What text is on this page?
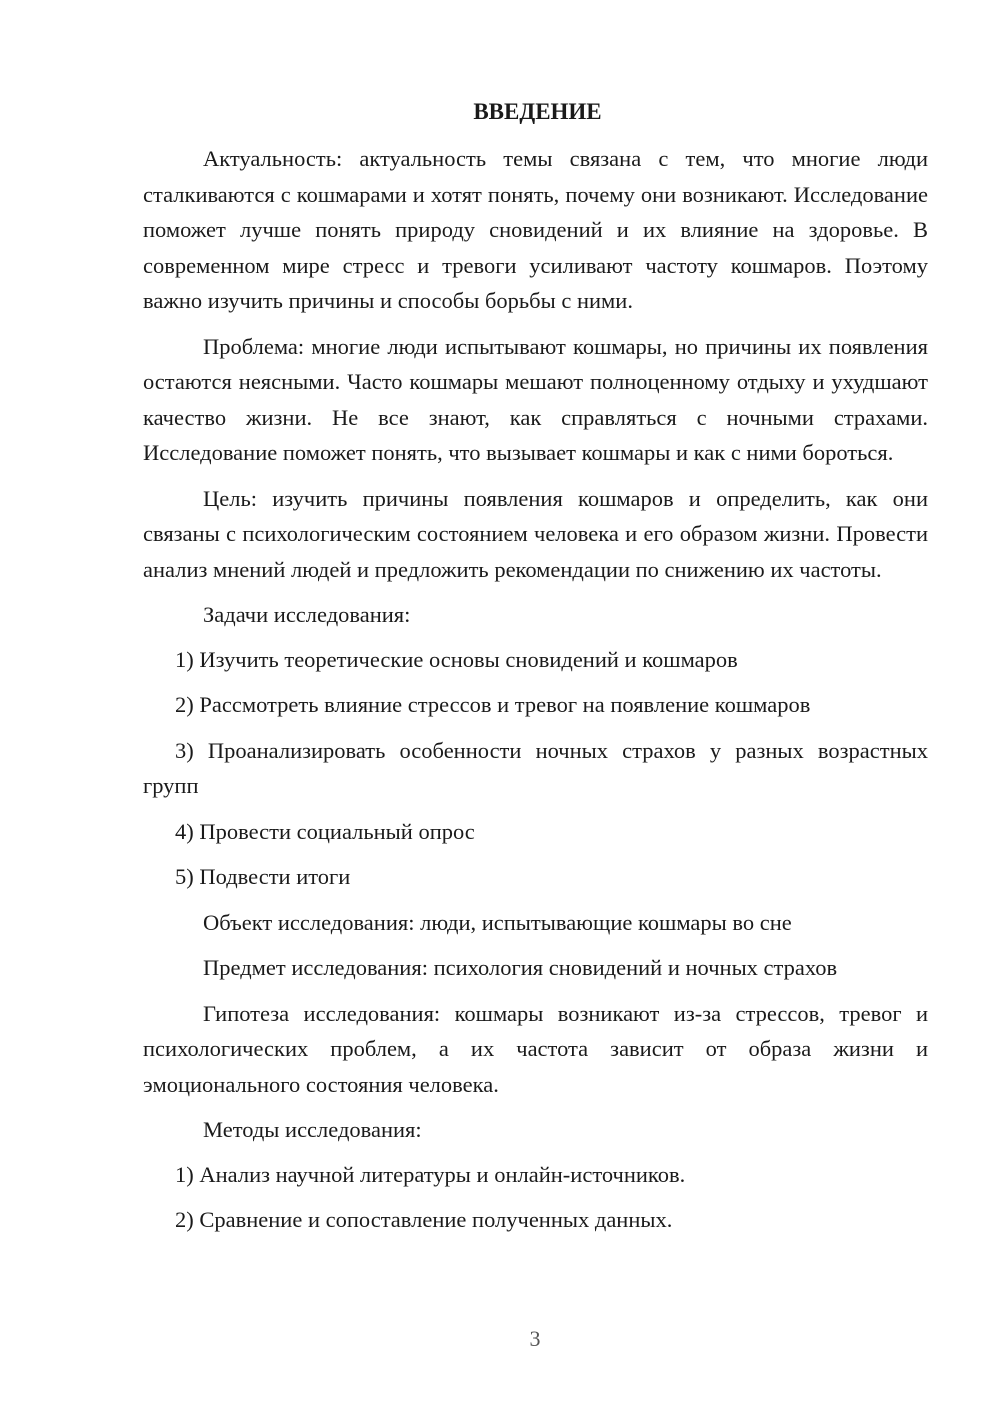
ВВЕДЕНИЕ

Актуальность: актуальность темы связана с тем, что многие люди сталкиваются с кошмарами и хотят понять, почему они возникают. Исследование поможет лучше понять природу сновидений и их влияние на здоровье. В современном мире стресс и тревоги усиливают частоту кошмаров. Поэтому важно изучить причины и способы борьбы с ними.

Проблема: многие люди испытывают кошмары, но причины их появления остаются неясными. Часто кошмары мешают полноценному отдыху и ухудшают качество жизни. Не все знают, как справляться с ночными страхами. Исследование поможет понять, что вызывает кошмары и как с ними бороться.

Цель: изучить причины появления кошмаров и определить, как они связаны с психологическим состоянием человека и его образом жизни. Провести анализ мнений людей и предложить рекомендации по снижению их частоты.

Задачи исследования:

1) Изучить теоретические основы сновидений и кошмаров

2) Рассмотреть влияние стрессов и тревог на появление кошмаров

3) Проанализировать особенности ночных страхов у разных возрастных групп

4) Провести социальный опрос

5) Подвести итоги

Объект исследования: люди, испытывающие кошмары во сне

Предмет исследования: психология сновидений и ночных страхов

Гипотеза исследования: кошмары возникают из-за стрессов, тревог и психологических проблем, а их частота зависит от образа жизни и эмоционального состояния человека.

Методы исследования:

1) Анализ научной литературы и онлайн-источников.

2) Сравнение и сопоставление полученных данных.

3
